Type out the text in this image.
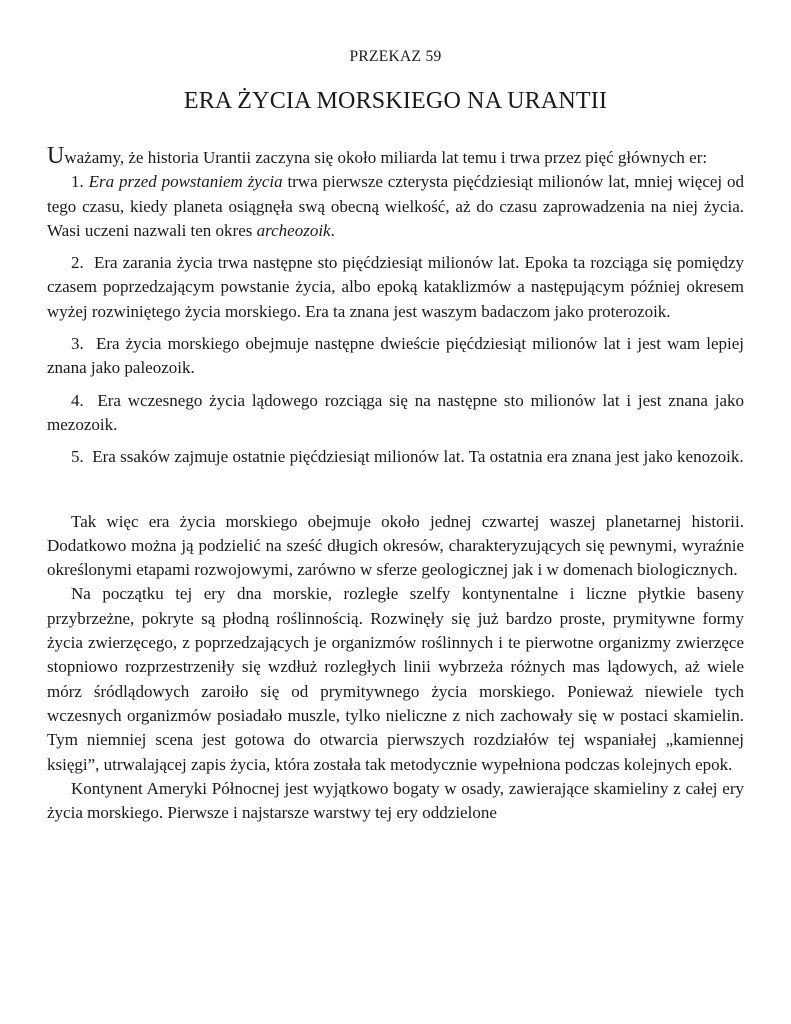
PRZEKAZ 59
ERA ŻYCIA MORSKIEGO NA URANTII

Uważamy, że historia Urantii zaczyna się około miliarda lat temu i trwa przez pięć głównych er:

1. Era przed powstaniem życia trwa pierwsze czterysta pięćdziesiąt milionów lat, mniej więcej od tego czasu, kiedy planeta osiągnęła swą obecną wielkość, aż do czasu zaprowadzenia na niej życia. Wasi uczeni nazwali ten okres archeozoik.

2. Era zarania życia trwa następne sto pięćdziesiąt milionów lat. Epoka ta rozciąga się pomiędzy czasem poprzedzającym powstanie życia, albo epoką kataklizmów a następującym później okresem wyżej rozwiniętego życia morskiego. Era ta znana jest waszym badaczom jako proterozoik.

3. Era życia morskiego obejmuje następne dwieście pięćdziesiąt milionów lat i jest wam lepiej znana jako paleozoik.

4. Era wczesnego życia lądowego rozciąga się na następne sto milionów lat i jest znana jako mezozoik.

5. Era ssaków zajmuje ostatnie pięćdziesiąt milionów lat. Ta ostatnia era znana jest jako kenozoik.

Tak więc era życia morskiego obejmuje około jednej czwartej waszej planetarnej historii. Dodatkowo można ją podzielić na sześć długich okresów, charakteryzujących się pewnymi, wyraźnie określonymi etapami rozwojowymi, zarówno w sferze geologicznej jak i w domenach biologicznych.

Na początku tej ery dna morskie, rozległe szelfy kontynentalne i liczne płytkie baseny przybrzeżne, pokryte są płodną roślinnością. Rozwinęły się już bardzo proste, prymitywne formy życia zwierzęcego, z poprzedzających je organizmów roślinnych i te pierwotne organizmy zwierzęce stopniowo rozprzestrzeniły się wzdłuż rozległych linii wybrzeża różnych mas lądowych, aż wiele mórz śródlądowych zaroiło się od prymitywnego życia morskiego. Ponieważ niewiele tych wczesnych organizmów posiadało muszle, tylko nieliczne z nich zachowały się w postaci skamielin. Tym niemniej scena jest gotowa do otwarcia pierwszych rozdziałów tej wspaniałej „kamiennej księgi”, utrwalającej zapis życia, która została tak metodycznie wypełniona podczas kolejnych epok.

Kontynent Ameryki Północnej jest wyjątkowo bogaty w osady, zawierające skamieliny z całej ery życia morskiego. Pierwsze i najstarsze warstwy tej ery oddzielone
